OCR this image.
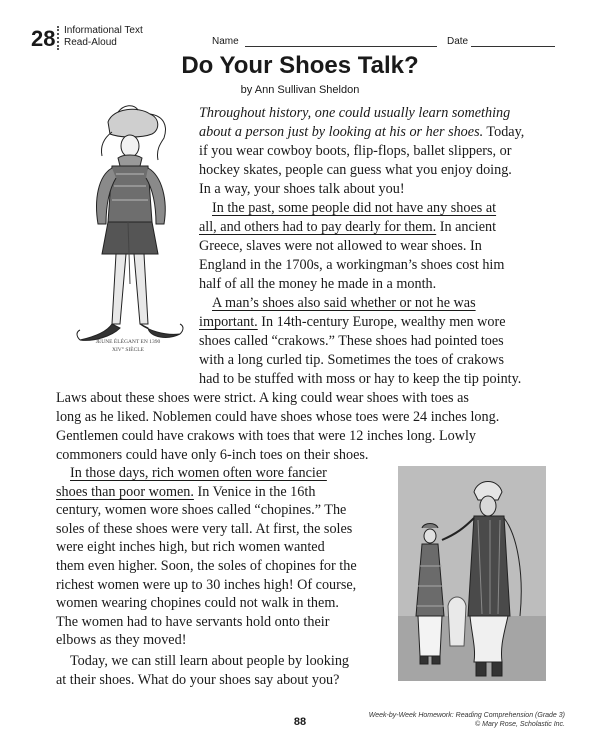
28 Informational Text
Read-Aloud	Name	Date
Do Your Shoes Talk?
by Ann Sullivan Sheldon
JEUNE ÉLÉGANT EN 1390
XIV° SIÈCLE
Throughout history, one could usually learn something
about a person just by looking at his or her shoes. Today,
if you wear cowboy boots, flip-flops, ballet slippers, or
hockey skates, people can guess what you enjoy doing.
In a way, your shoes talk about you!
In the past, some people did not have any shoes at
all, and others had to pay dearly for them. In ancient
Greece, slaves were not allowed to wear shoes. In
England in the 1700s, a workingman’s shoes cost him
half of all the money he made in a month.
A man’s shoes also said whether or not he was
important. In 14th-century Europe, wealthy men wore
shoes called “crakows.” These shoes had pointed toes
with a long curled tip. Sometimes the toes of crakows
had to be stuffed with moss or hay to keep the tip pointy.
Laws about these shoes were strict. A king could wear shoes with toes as
long as he liked. Noblemen could have shoes whose toes were 24 inches long.
Gentlemen could have crakows with toes that were 12 inches long. Lowly
commoners could have only 6-inch toes on their shoes.
In those days, rich women often wore fancier
shoes than poor women. In Venice in the 16th
century, women wore shoes called “chopines.” The
soles of these shoes were very tall. At first, the soles
were eight inches high, but rich women wanted
them even higher. Soon, the soles of chopines for the
richest women were up to 30 inches high! Of course,
women wearing chopines could not walk in them.
The women had to have servants hold onto their
elbows as they moved!
Today, we can still learn about people by looking
Week-by-Week Homework: Reading Comprehension (Grade 3)
© Mary Rose, Scholastic Inc.
88
at their shoes. What do your shoes say about you?
